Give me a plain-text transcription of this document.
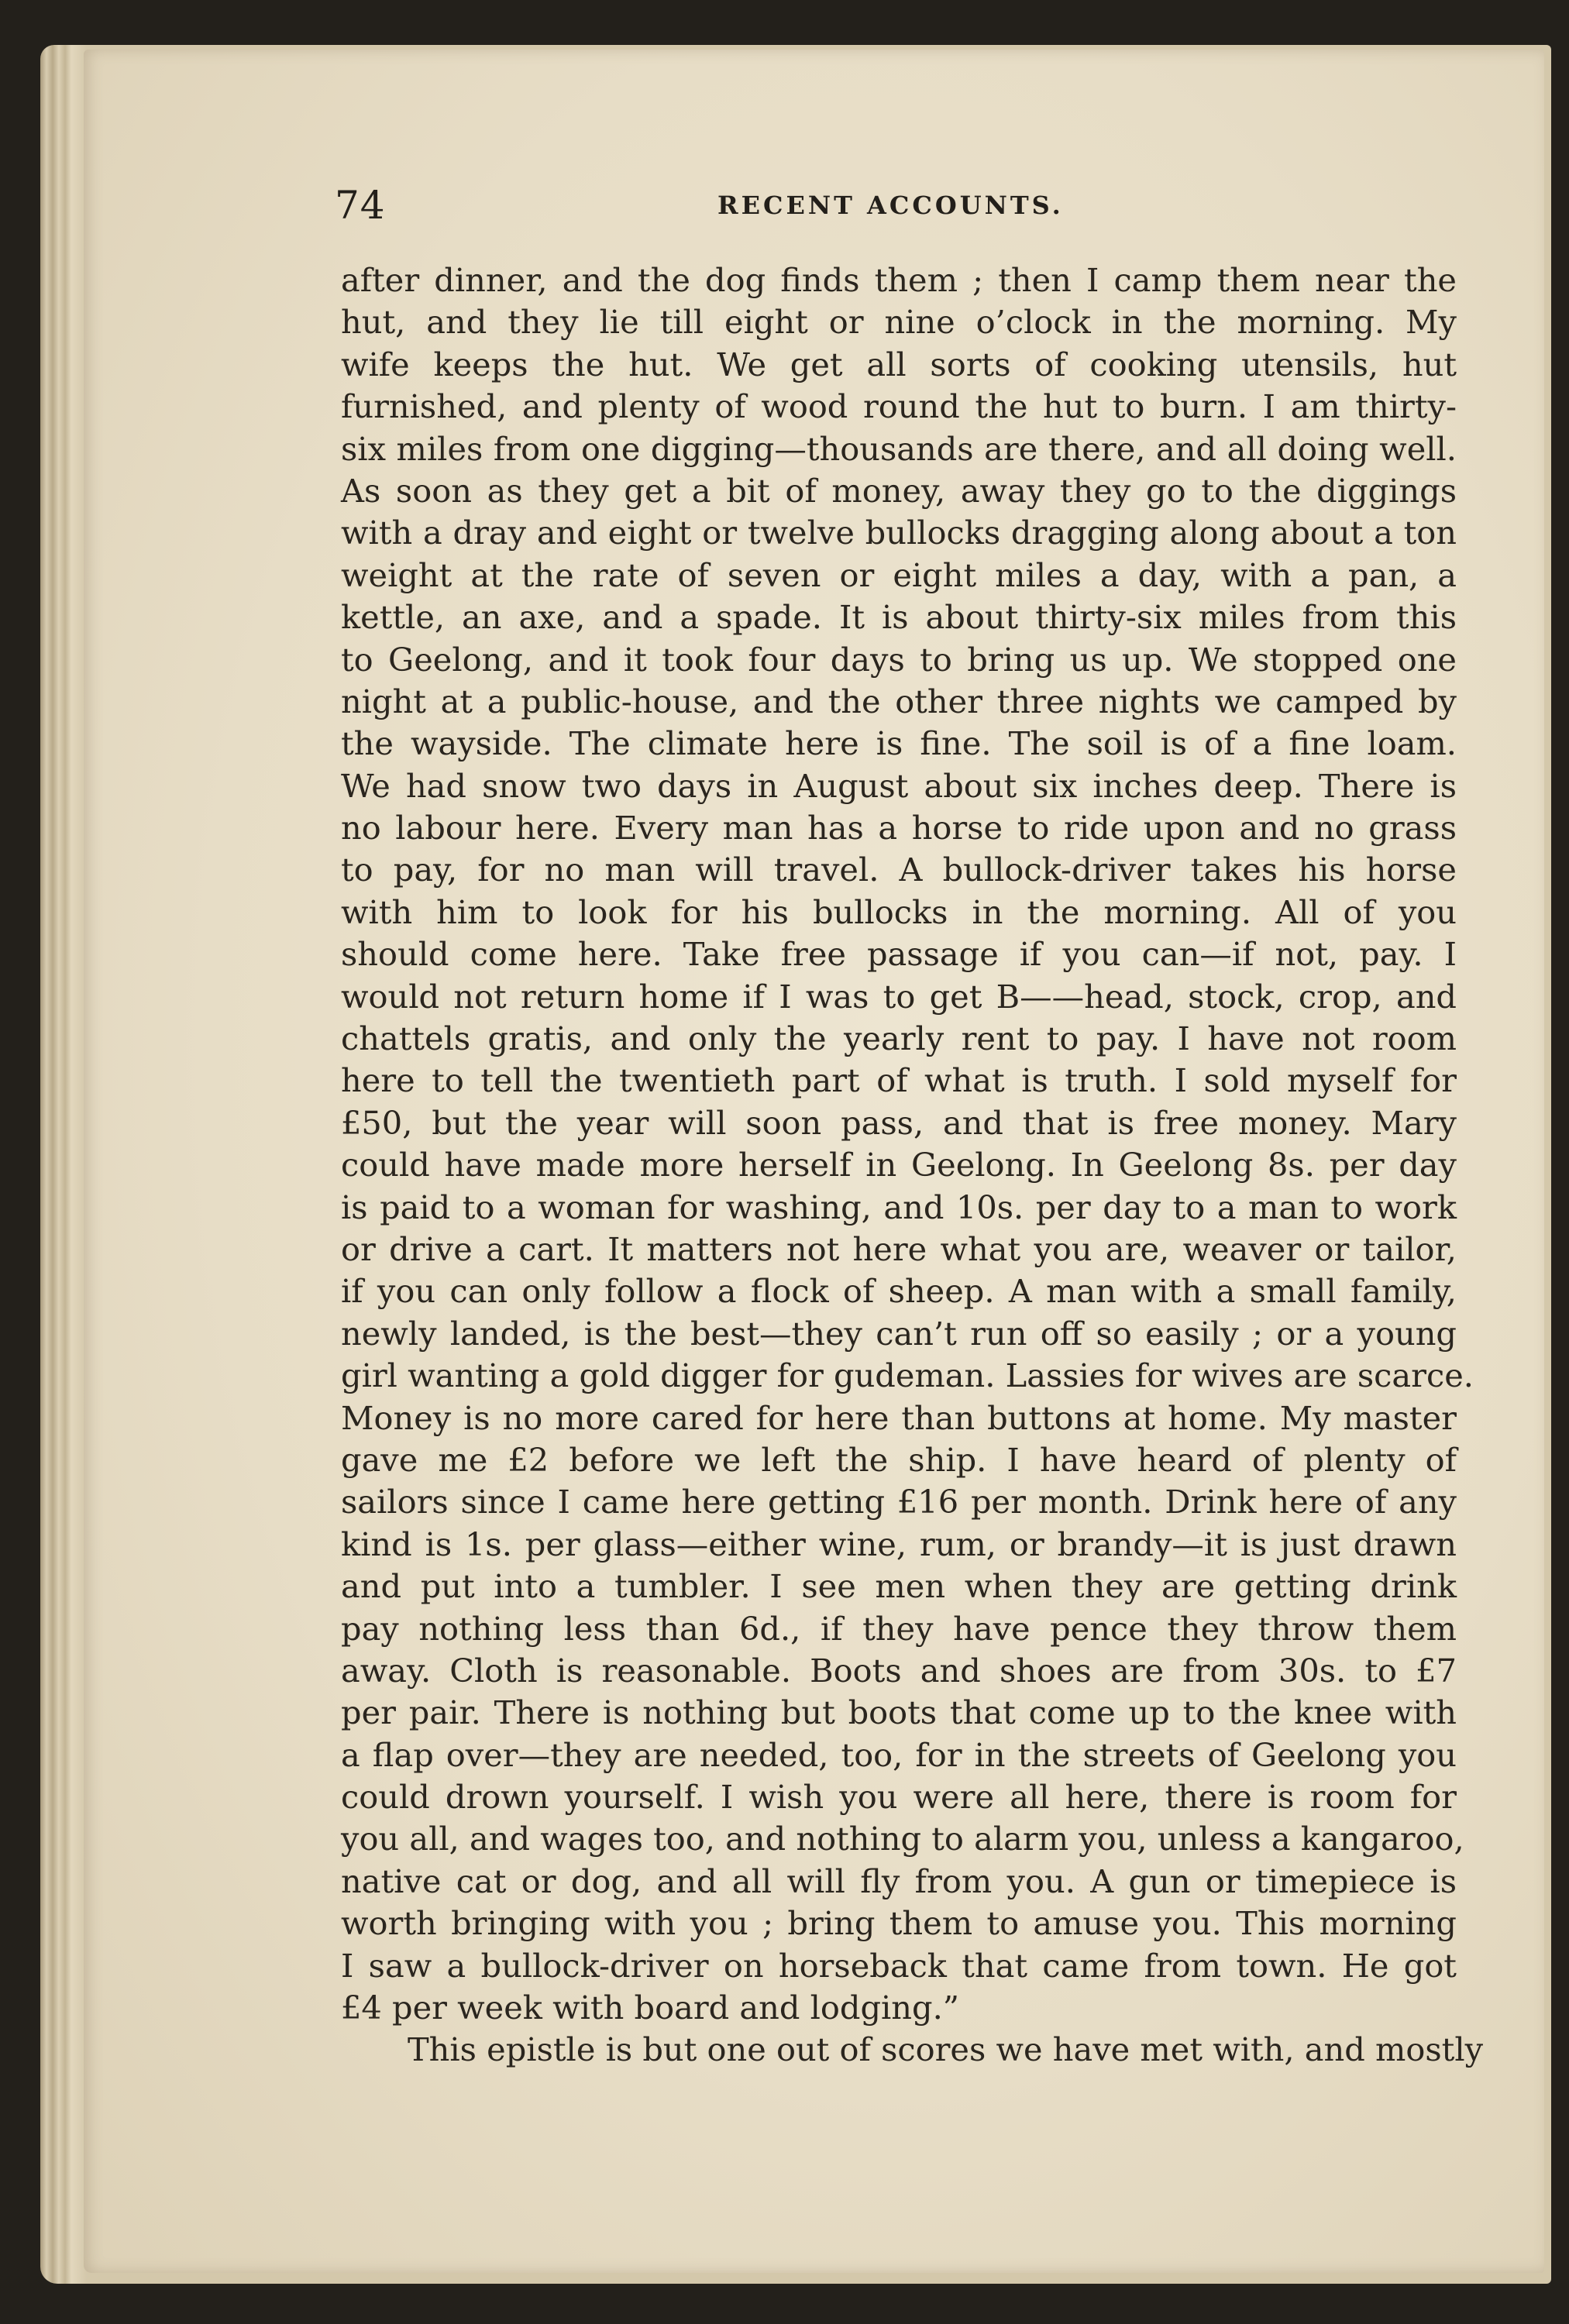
74	RECENT ACCOUNTS.
after dinner, and the dog finds them ; then I camp them near the
hut, and they lie till eight or nine o’clock in the morning. My
wife keeps the hut. We get all sorts of cooking utensils, hut
furnished, and plenty of wood round the hut to burn. I am thirty-
six miles from one digging—thousands are there, and all doing well.
As soon as they get a bit of money, away they go to the diggings
with a dray and eight or twelve bullocks dragging along about a ton
weight at the rate of seven or eight miles a day, with a pan, a
kettle, an axe, and a spade. It is about thirty-six miles from this
to Geelong, and it took four days to bring us up. We stopped one
night at a public-house, and the other three nights we camped by
the wayside. The climate here is fine. The soil is of a fine loam.
We had snow two days in August about six inches deep. There is
no labour here. Every man has a horse to ride upon and no grass
to pay, for no man will travel. A bullock-driver takes his horse
with him to look for his bullocks in the morning. All of you
should come here. Take free passage if you can—if not, pay. I
would not return home if I was to get B——head, stock, crop, and
chattels gratis, and only the yearly rent to pay. I have not room
here to tell the twentieth part of what is truth. I sold myself for
£50, but the year will soon pass, and that is free money. Mary
could have made more herself in Geelong. In Geelong 8s. per day
is paid to a woman for washing, and 10s. per day to a man to work
or drive a cart. It matters not here what you are, weaver or tailor,
if you can only follow a flock of sheep. A man with a small family,
newly landed, is the best—they can’t run off so easily ; or a young
girl wanting a gold digger for gudeman. Lassies for wives are scarce.
Money is no more cared for here than buttons at home. My master
gave me £2 before we left the ship. I have heard of plenty of
sailors since I came here getting £16 per month. Drink here of any
kind is 1s. per glass—either wine, rum, or brandy—it is just drawn
and put into a tumbler. I see men when they are getting drink
pay nothing less than 6d., if they have pence they throw them
away. Cloth is reasonable. Boots and shoes are from 30s. to £7
per pair. There is nothing but boots that come up to the knee with
a flap over—they are needed, too, for in the streets of Geelong you
could drown yourself. I wish you were all here, there is room for
you all, and wages too, and nothing to alarm you, unless a kangaroo,
native cat or dog, and all will fly from you. A gun or timepiece is
worth bringing with you ; bring them to amuse you. This morning
I saw a bullock-driver on horseback that came from town. He got
£4 per week with board and lodging.”
This epistle is but one out of scores we have met with, and mostly
